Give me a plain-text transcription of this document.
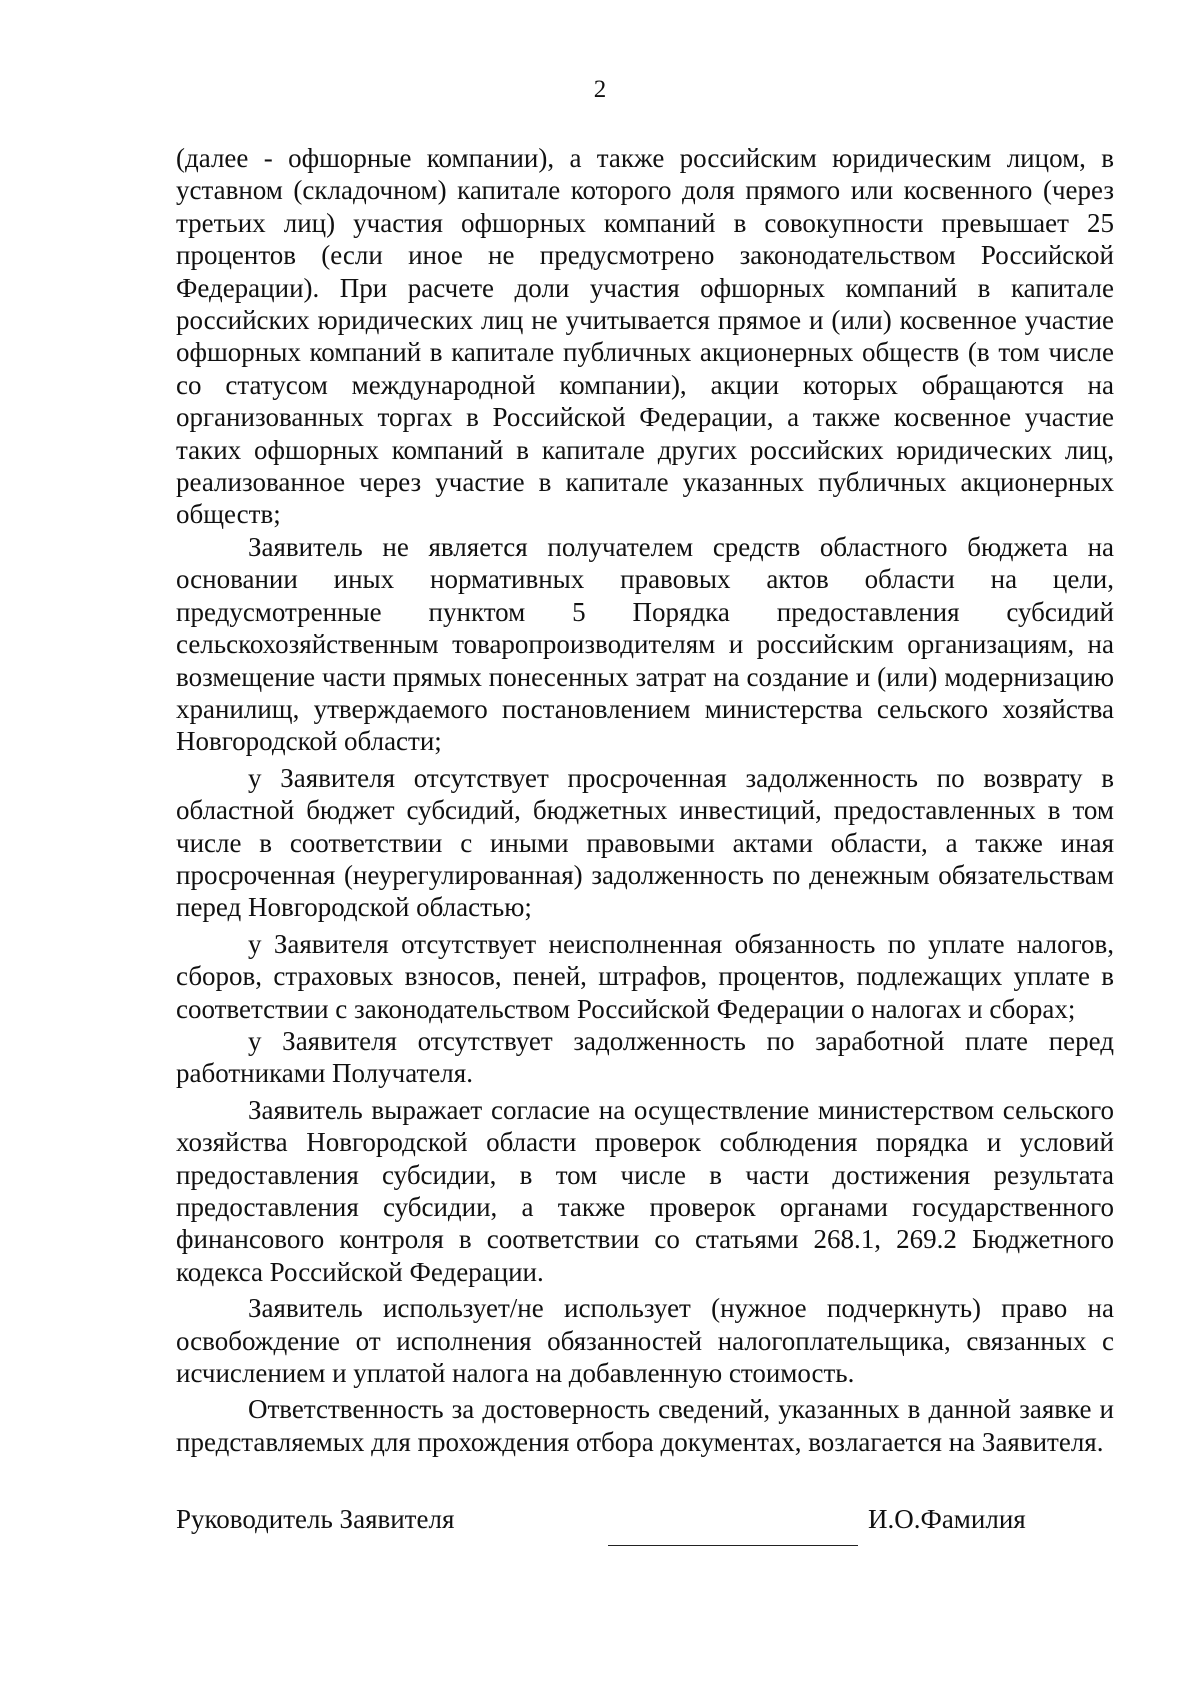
2

(далее - офшорные компании), а также российским юридическим лицом, в уставном (складочном) капитале которого доля прямого или косвенного (через третьих лиц) участия офшорных компаний в совокупности превышает 25 процентов (если иное не предусмотрено законодательством Российской Федерации). При расчете доли участия офшорных компаний в капитале российских юридических лиц не учитывается прямое и (или) косвенное участие офшорных компаний в капитале публичных акционерных обществ (в том числе со статусом международной компании), акции которых обращаются на организованных торгах в Российской Федерации, а также косвенное участие таких офшорных компаний в капитале других российских юридических лиц, реализованное через участие в капитале указанных публичных акционерных обществ;

Заявитель не является получателем средств областного бюджета на основании иных нормативных правовых актов области на цели, предусмотренные пунктом 5 Порядка предоставления субсидий сельскохозяйственным товаропроизводителям и российским организациям, на возмещение части прямых понесенных затрат на создание и (или) модернизацию хранилищ, утверждаемого постановлением министерства сельского хозяйства Новгородской области;

у Заявителя отсутствует просроченная задолженность по возврату в областной бюджет субсидий, бюджетных инвестиций, предоставленных в том числе в соответствии с иными правовыми актами области, а также иная просроченная (неурегулированная) задолженность по денежным обязательствам перед Новгородской областью;

у Заявителя отсутствует неисполненная обязанность по уплате налогов, сборов, страховых взносов, пеней, штрафов, процентов, подлежащих уплате в соответствии с законодательством Российской Федерации о налогах и сборах;

у Заявителя отсутствует задолженность по заработной плате перед работниками Получателя.

Заявитель выражает согласие на осуществление министерством сельского хозяйства Новгородской области проверок соблюдения порядка и условий предоставления субсидии, в том числе в части достижения результата предоставления субсидии, а также проверок органами государственного финансового контроля в соответствии со статьями 268.1, 269.2 Бюджетного кодекса Российской Федерации.

Заявитель использует/не использует (нужное подчеркнуть) право на освобождение от исполнения обязанностей налогоплательщика, связанных с исчислением и уплатой налога на добавленную стоимость.

Ответственность за достоверность сведений, указанных в данной заявке и представляемых для прохождения отбора документах, возлагается на Заявителя.

Руководитель Заявителя	И.О.Фамилия
